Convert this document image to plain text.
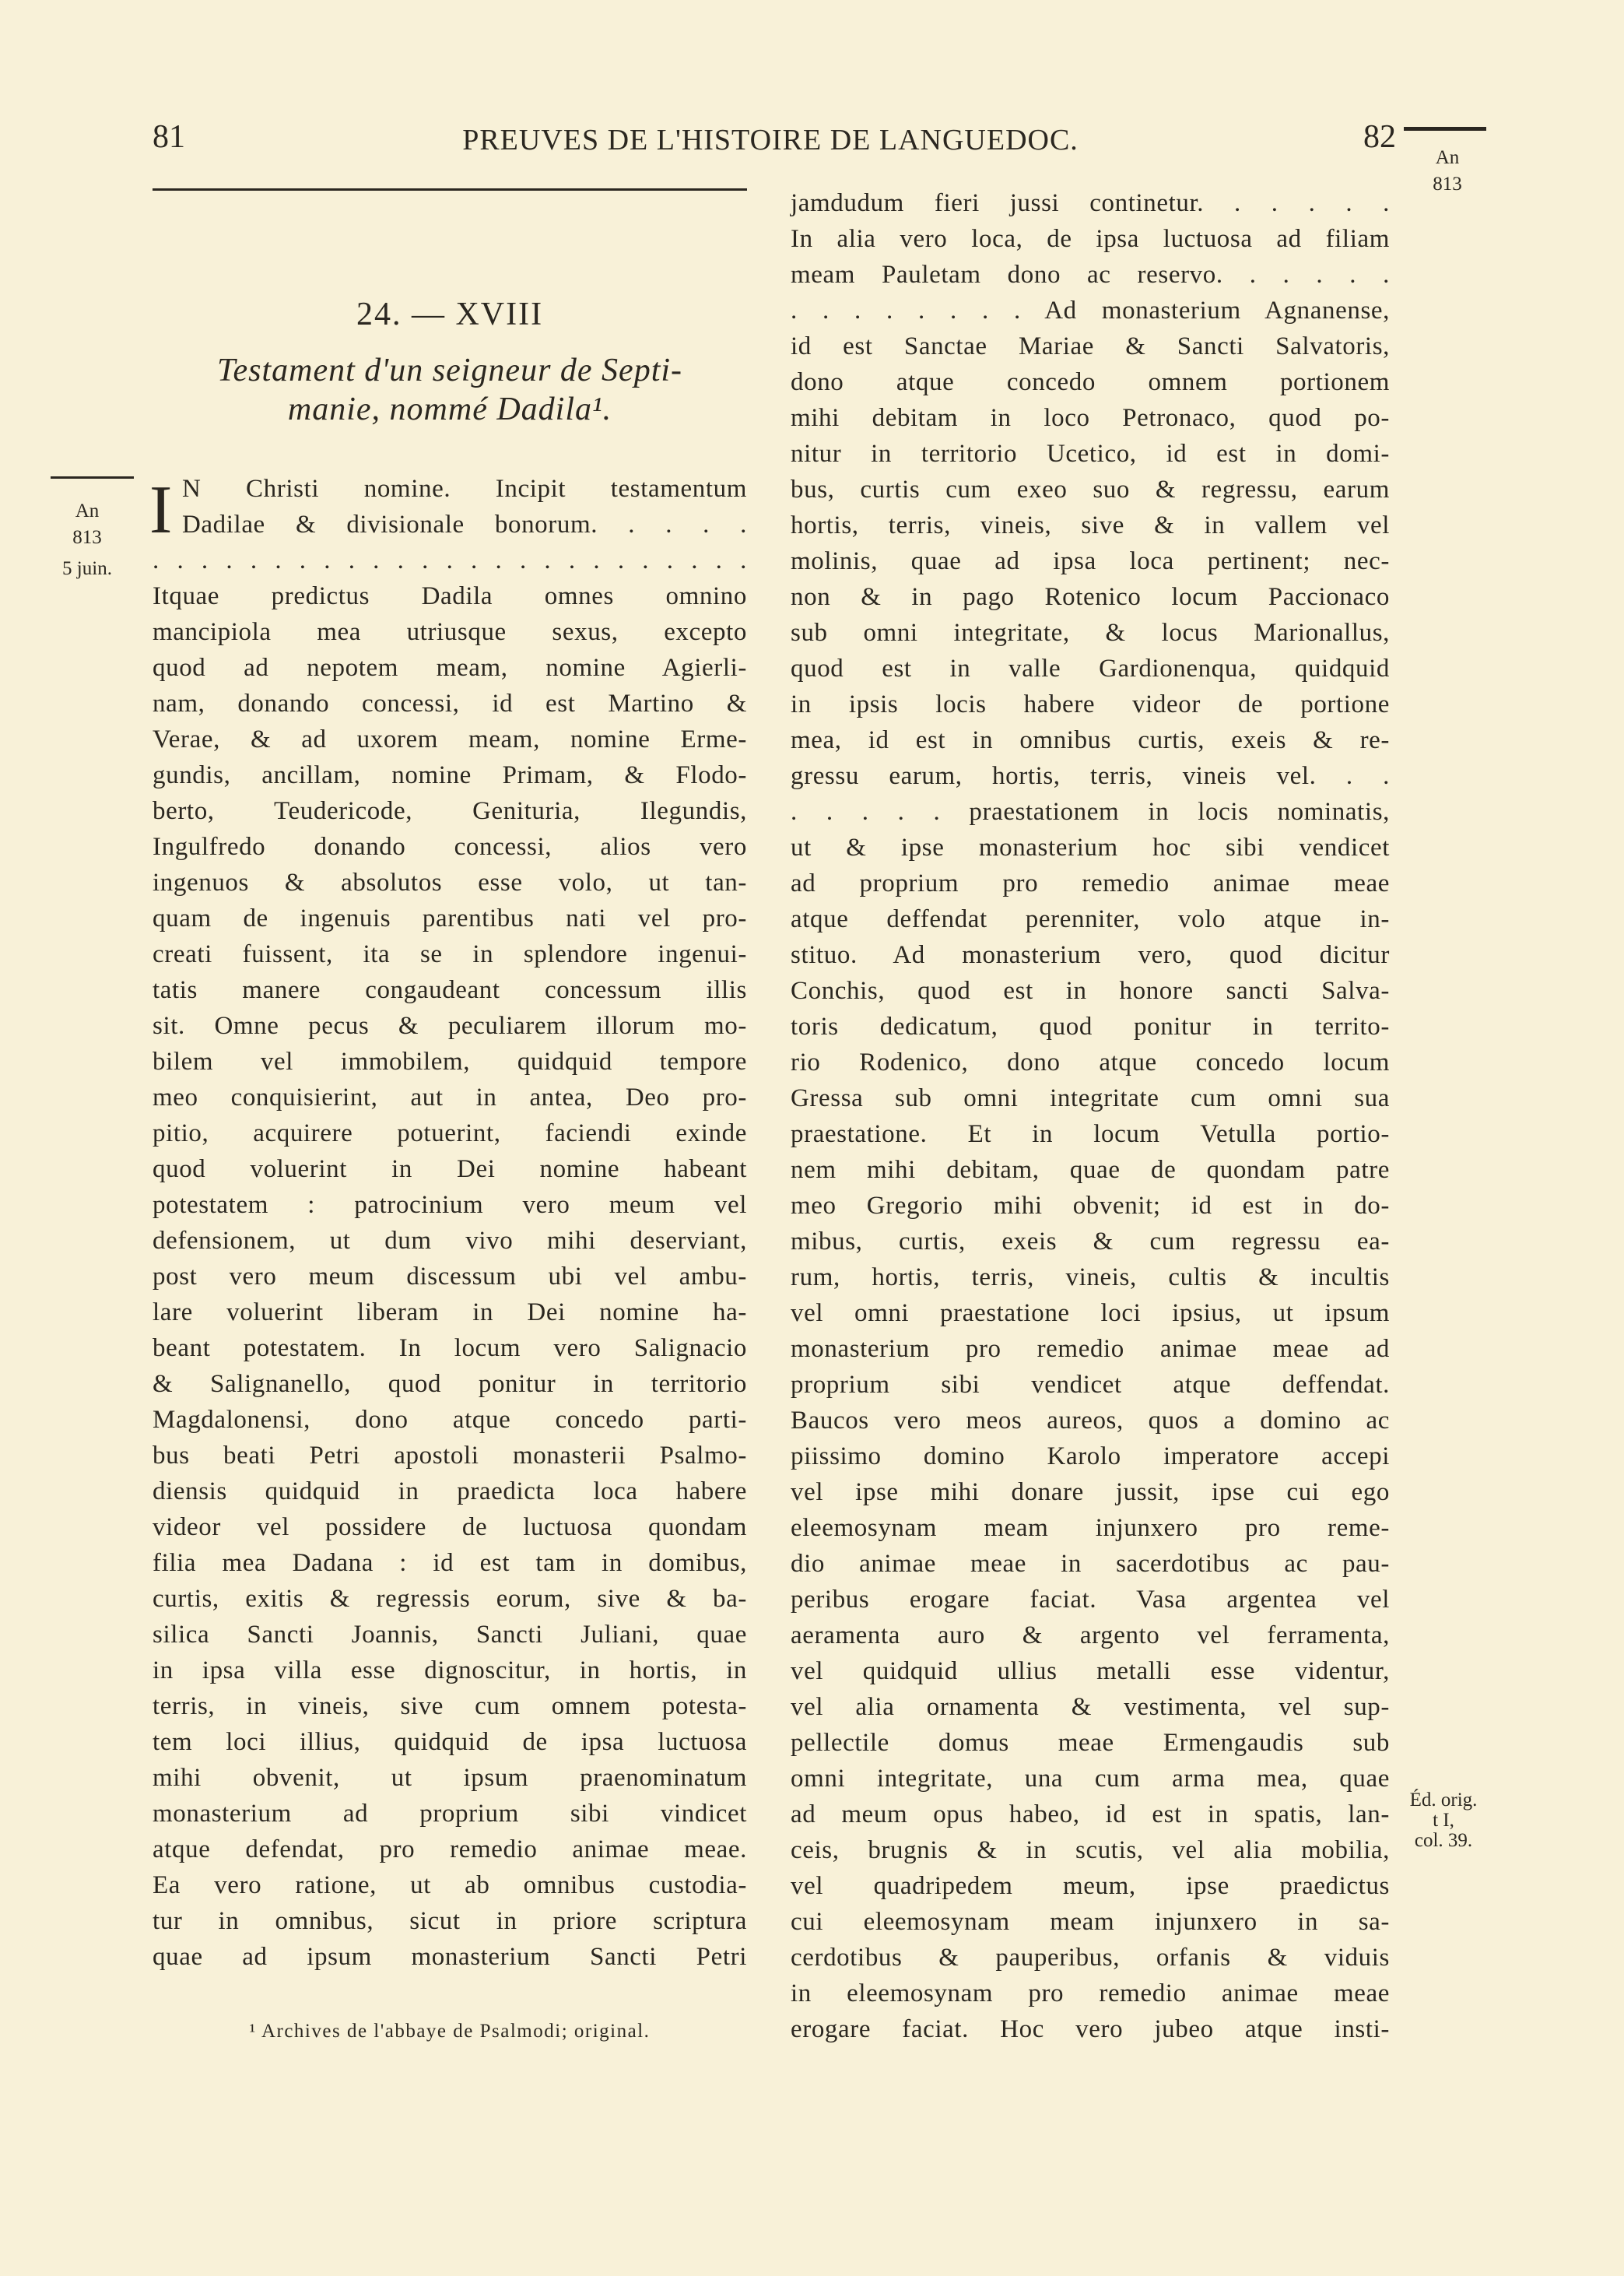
81	PREUVES DE L'HISTOIRE DE LANGUEDOC.	82
An
813
24. — XVIII
Testament d'un seigneur de Septi-
manie, nommé Dadila¹.
An
813
5 juin.
Éd. orig.
t I,
col. 39.
I N Christi nomine. Incipit testamentum
Dadilae & divisionale bonorum. . . . .
. . . . . . . . . . . . . . . . . . . . . . . . .
Itquae predictus Dadila omnes omnino
mancipiola mea utriusque sexus, excepto
quod ad nepotem meam, nomine Agierli-
nam, donando concessi, id est Martino &
Verae, & ad uxorem meam, nomine Erme-
gundis, ancillam, nomine Primam, & Flodo-
berto, Teudericode, Genituria, Ilegundis,
Ingulfredo donando concessi, alios vero
ingenuos & absolutos esse volo, ut tan-
quam de ingenuis parentibus nati vel pro-
creati fuissent, ita se in splendore ingenui-
tatis manere congaudeant concessum illis
sit. Omne pecus & peculiarem illorum mo-
bilem vel immobilem, quidquid tempore
meo conquisierint, aut in antea, Deo pro-
pitio, acquirere potuerint, faciendi exinde
quod voluerint in Dei nomine habeant
potestatem : patrocinium vero meum vel
defensionem, ut dum vivo mihi deserviant,
post vero meum discessum ubi vel ambu-
lare voluerint liberam in Dei nomine ha-
beant potestatem. In locum vero Salignacio
& Salignanello, quod ponitur in territorio
Magdalonensi, dono atque concedo parti-
bus beati Petri apostoli monasterii Psalmo-
diensis quidquid in praedicta loca habere
videor vel possidere de luctuosa quondam
filia mea Dadana : id est tam in domibus,
curtis, exitis & regressis eorum, sive & ba-
silica Sancti Joannis, Sancti Juliani, quae
in ipsa villa esse dignoscitur, in hortis, in
terris, in vineis, sive cum omnem potesta-
tem loci illius, quidquid de ipsa luctuosa
mihi obvenit, ut ipsum praenominatum
monasterium ad proprium sibi vindicet
atque defendat, pro remedio animae meae.
Ea vero ratione, ut ab omnibus custodia-
tur in omnibus, sicut in priore scriptura
quae ad ipsum monasterium Sancti Petri
jamdudum fieri jussi continetur. . . . . .
In alia vero loca, de ipsa luctuosa ad filiam
meam Pauletam dono ac reservo. . . . . .
. . . . . . . . Ad monasterium Agnanense,
id est Sanctae Mariae & Sancti Salvatoris,
dono atque concedo omnem portionem
mihi debitam in loco Petronaco, quod po-
nitur in territorio Ucetico, id est in domi-
bus, curtis cum exeo suo & regressu, earum
hortis, terris, vineis, sive & in vallem vel
molinis, quae ad ipsa loca pertinent; nec-
non & in pago Rotenico locum Paccionaco
sub omni integritate, & locus Marionallus,
quod est in valle Gardionenqua, quidquid
in ipsis locis habere videor de portione
mea, id est in omnibus curtis, exeis & re-
gressu earum, hortis, terris, vineis vel. . .
. . . . . praestationem in locis nominatis,
ut & ipse monasterium hoc sibi vendicet
ad proprium pro remedio animae meae
atque deffendat perenniter, volo atque in-
stituo. Ad monasterium vero, quod dicitur
Conchis, quod est in honore sancti Salva-
toris dedicatum, quod ponitur in territo-
rio Rodenico, dono atque concedo locum
Gressa sub omni integritate cum omni sua
praestatione. Et in locum Vetulla portio-
nem mihi debitam, quae de quondam patre
meo Gregorio mihi obvenit; id est in do-
mibus, curtis, exeis & cum regressu ea-
rum, hortis, terris, vineis, cultis & incultis
vel omni praestatione loci ipsius, ut ipsum
monasterium pro remedio animae meae ad
proprium sibi vendicet atque deffendat.
Baucos vero meos aureos, quos a domino ac
piissimo domino Karolo imperatore accepi
vel ipse mihi donare jussit, ipse cui ego
eleemosynam meam injunxero pro reme-
dio animae meae in sacerdotibus ac pau-
peribus erogare faciat. Vasa argentea vel
aeramenta auro & argento vel ferramenta,
vel quidquid ullius metalli esse videntur,
vel alia ornamenta & vestimenta, vel sup-
pellectile domus meae Ermengaudis sub
omni integritate, una cum arma mea, quae
ad meum opus habeo, id est in spatis, lan-
ceis, brugnis & in scutis, vel alia mobilia,
vel quadripedem meum, ipse praedictus
cui eleemosynam meam injunxero in sa-
cerdotibus & pauperibus, orfanis & viduis
in eleemosynam pro remedio animae meae
erogare faciat. Hoc vero jubeo atque insti-
¹ Archives de l'abbaye de Psalmodi; original.
